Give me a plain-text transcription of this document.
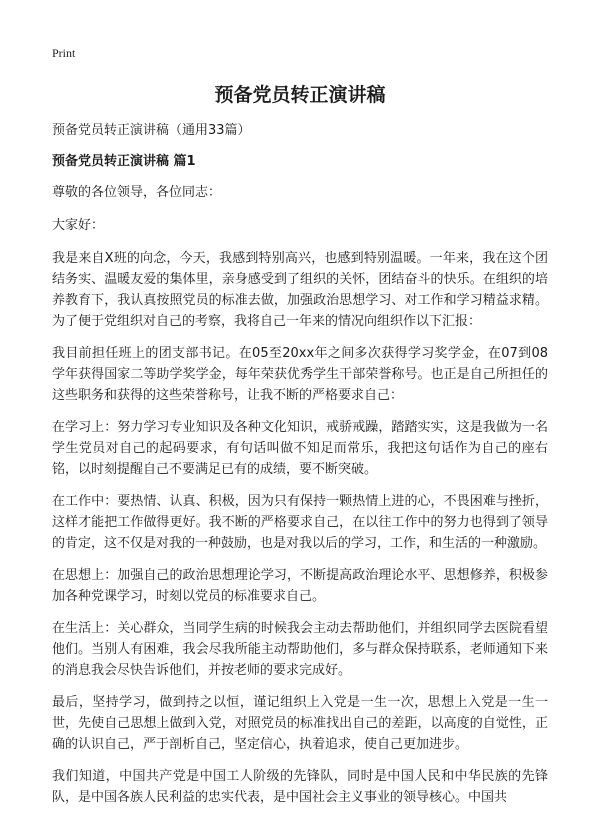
Print
预备党员转正演讲稿

预备党员转正演讲稿（通用33篇）

预备党员转正演讲稿 篇1

尊敬的各位领导，各位同志：

大家好：

我是来自X班的向念，今天，我感到特别高兴，也感到特别温暖。一年来，我在这个团结务实、温暖友爱的集体里，亲身感受到了组织的关怀，团结奋斗的快乐。在组织的培养教育下，我认真按照党员的标准去做，加强政治思想学习、对工作和学习精益求精。为了便于党组织对自己的考察，我将自己一年来的情况向组织作以下汇报：

我目前担任班上的团支部书记。在05至20xx年之间多次获得学习奖学金，在07到08学年获得国家二等助学奖学金，每年荣获优秀学生干部荣誉称号。也正是自己所担任的这些职务和获得的这些荣誉称号，让我不断的严格要求自己：

在学习上：努力学习专业知识及各种文化知识，戒骄戒躁，踏踏实实，这是我做为一名学生党员对自己的起码要求，有句话叫做不知足而常乐，我把这句话作为自己的座右铭，以时刻提醒自己不要满足已有的成绩，要不断突破。

在工作中：要热情、认真、积极，因为只有保持一颗热情上进的心，不畏困难与挫折，这样才能把工作做得更好。我不断的严格要求自己，在以往工作中的努力也得到了领导的肯定，这不仅是对我的一种鼓励，也是对我以后的学习，工作，和生活的一种激励。

在思想上：加强自己的政治思想理论学习，不断提高政治理论水平、思想修养，积极参加各种党课学习，时刻以党员的标准要求自己。

在生活上：关心群众，当同学生病的时候我会主动去帮助他们，并组织同学去医院看望他们。当别人有困难，我会尽我所能主动帮助他们，多与群众保持联系，老师通知下来的消息我会尽快告诉他们，并按老师的要求完成好。

最后，坚持学习，做到持之以恒，谨记组织上入党是一生一次，思想上入党是一生一世，先使自己思想上做到入党，对照党员的标准找出自己的差距，以高度的自觉性，正确的认识自己，严于剖析自己，坚定信心，执着追求，使自己更加进步。

我们知道，中国共产党是中国工人阶级的先锋队，同时是中国人民和中华民族的先锋队，是中国各族人民利益的忠实代表，是中国社会主义事业的领导核心。中国共
